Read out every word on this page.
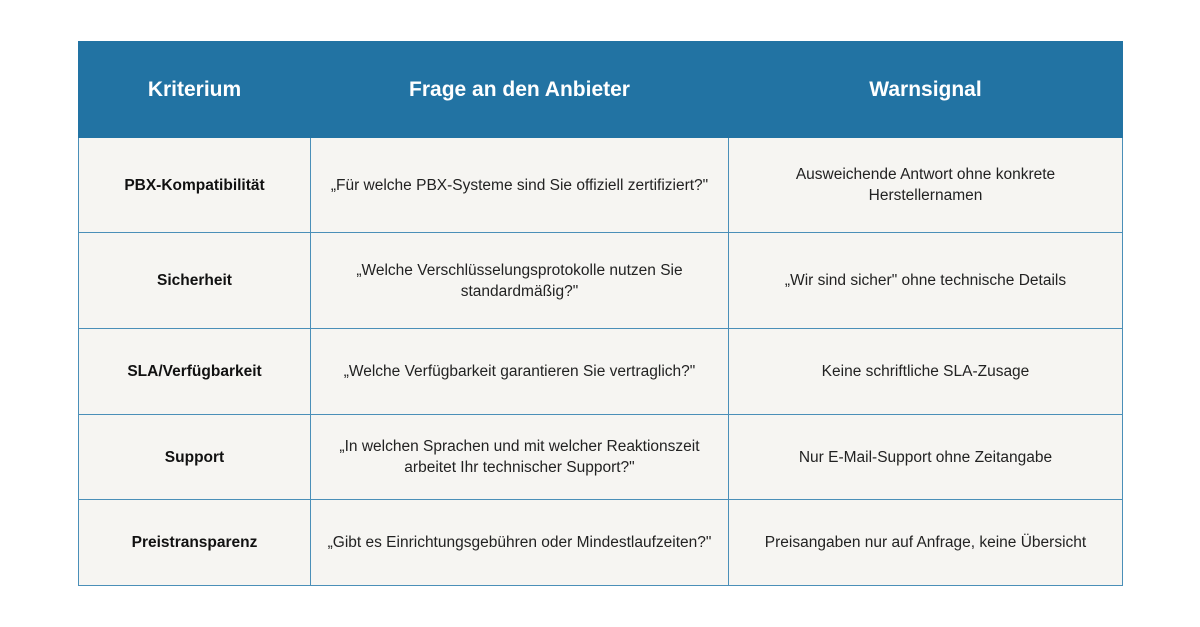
Kriterium	Frage an den Anbieter	Warnsignal
PBX-Kompatibilität	„Für welche PBX-Systeme sind Sie offiziell zertifiziert?"	Ausweichende Antwort ohne konkrete Herstellernamen
Sicherheit	„Welche Verschlüsselungsprotokolle nutzen Sie standardmäßig?"	„Wir sind sicher" ohne technische Details
SLA/Verfügbarkeit	„Welche Verfügbarkeit garantieren Sie vertraglich?"	Keine schriftliche SLA-Zusage
Support	„In welchen Sprachen und mit welcher Reaktionszeit arbeitet Ihr technischer Support?"	Nur E-Mail-Support ohne Zeitangabe
Preistransparenz	„Gibt es Einrichtungsgebühren oder Mindestlaufzeiten?"	Preisangaben nur auf Anfrage, keine Übersicht
